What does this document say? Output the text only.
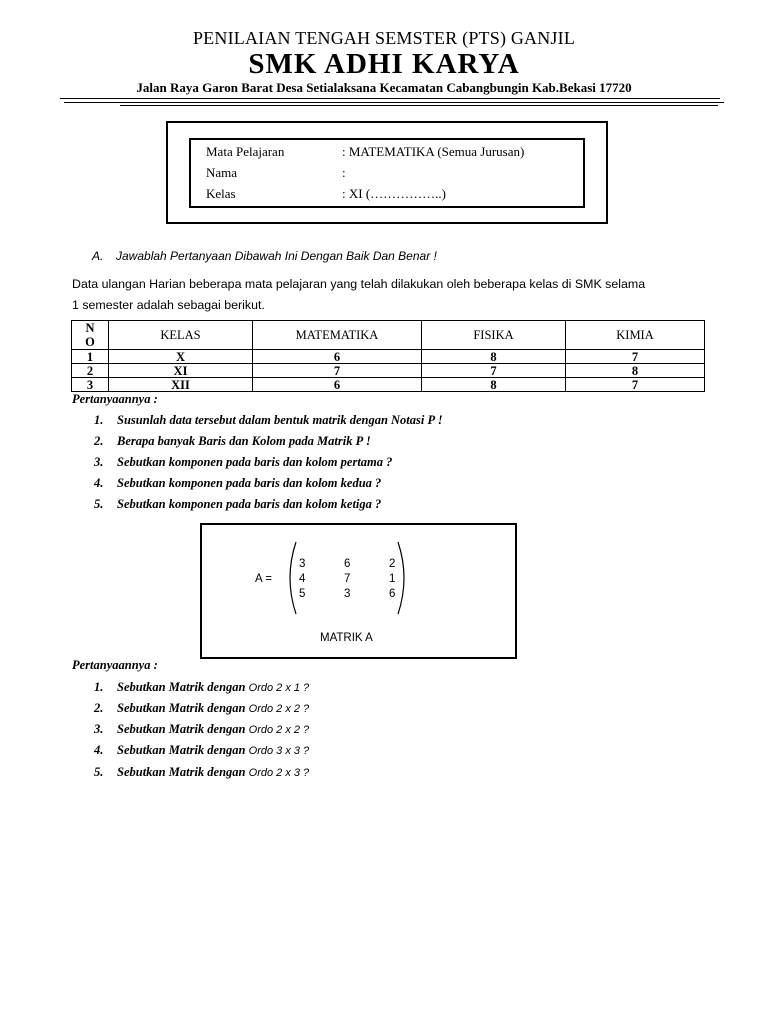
PENILAIAN TENGAH SEMSTER (PTS) GANJIL
SMK ADHI KARYA
Jalan Raya Garon Barat Desa Setialaksana Kecamatan Cabangbungin Kab.Bekasi 17720
Mata Pelajaran	: MATEMATIKA (Semua Jurusan)
Nama	:
Kelas	: XI (……………..)
A. Jawablah Pertanyaan Dibawah Ini Dengan Baik Dan Benar !
Data ulangan Harian beberapa mata pelajaran yang telah dilakukan oleh beberapa kelas di SMK selama
1 semester adalah sebagai berikut.
N
O	KELAS	MATEMATIKA	FISIKA	KIMIA
1	X	6	8	7
2	XI	7	7	8
3	XII	6	8	7
Pertanyaannya :
1. Susunlah data tersebut dalam bentuk matrik dengan Notasi P !
2. Berapa banyak Baris dan Kolom pada Matrik P !
3. Sebutkan komponen pada baris dan kolom pertama ?
4. Sebutkan komponen pada baris dan kolom kedua ?
5. Sebutkan komponen pada baris dan kolom ketiga ?
A =
3	6	2
4	7	1
5	3	6
MATRIK A
Pertanyaannya :
1. Sebutkan Matrik dengan Ordo 2 x 1 ?
2. Sebutkan Matrik dengan Ordo 2 x 2 ?
3. Sebutkan Matrik dengan Ordo 2 x 2 ?
4. Sebutkan Matrik dengan Ordo 3 x 3 ?
5. Sebutkan Matrik dengan Ordo 2 x 3 ?
